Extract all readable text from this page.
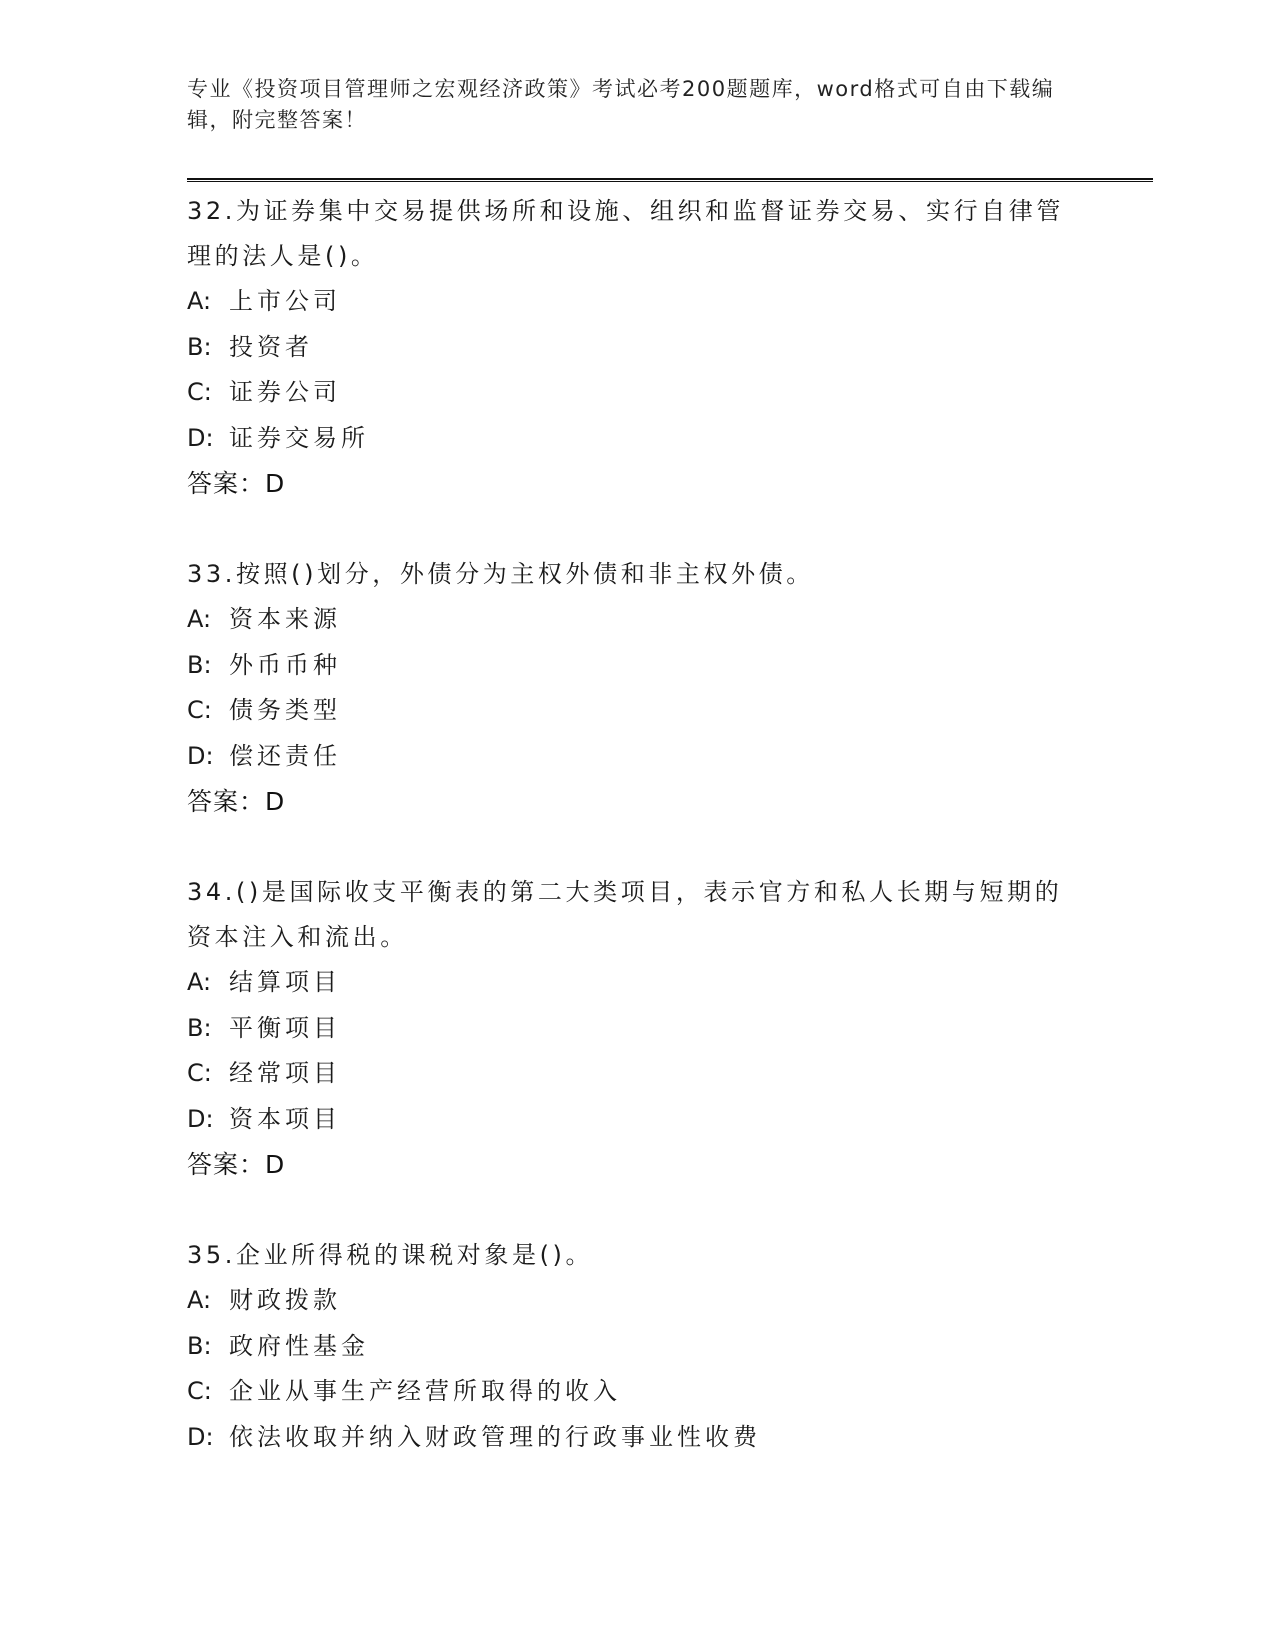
专业《投资项目管理师之宏观经济政策》考试必考200题题库，word格式可自由下载编辑，附完整答案！
32.为证券集中交易提供场所和设施、组织和监督证券交易、实行自律管理的法人是()。
A: 上市公司
B: 投资者
C: 证券公司
D: 证券交易所
答案：D
33.按照()划分，外债分为主权外债和非主权外债。
A: 资本来源
B: 外币币种
C: 债务类型
D: 偿还责任
答案：D
34.()是国际收支平衡表的第二大类项目，表示官方和私人长期与短期的资本注入和流出。
A: 结算项目
B: 平衡项目
C: 经常项目
D: 资本项目
答案：D
35.企业所得税的课税对象是()。
A: 财政拨款
B: 政府性基金
C: 企业从事生产经营所取得的收入
D: 依法收取并纳入财政管理的行政事业性收费
